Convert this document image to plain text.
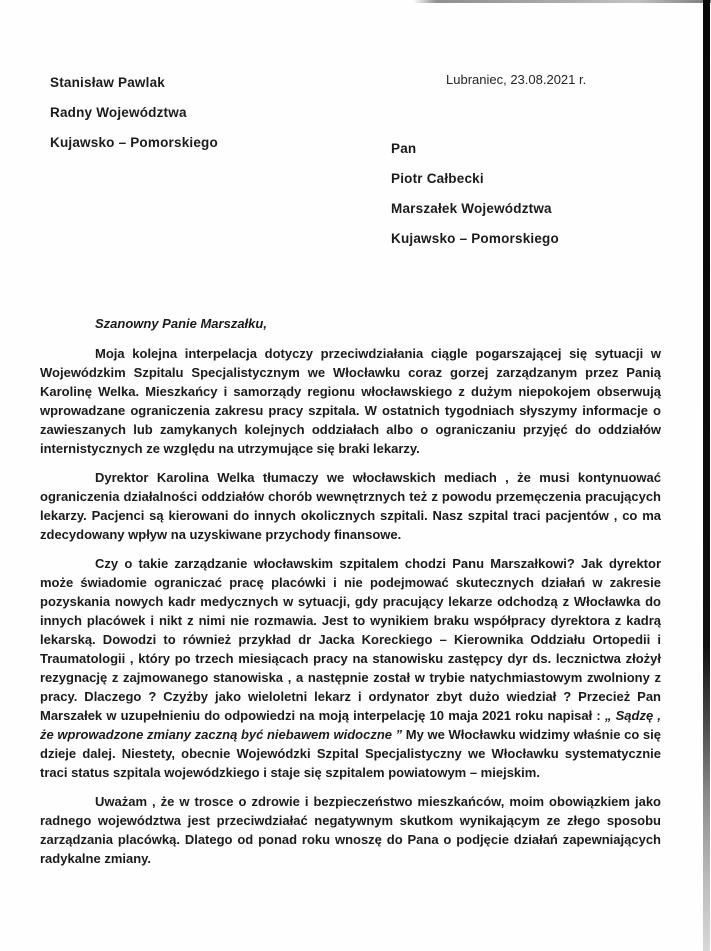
Stanisław Pawlak
Radny Województwa
Kujawsko – Pomorskiego
Lubraniec, 23.08.2021 r.
Pan
Piotr Całbecki
Marszałek Województwa
Kujawsko – Pomorskiego
Szanowny Panie Marszałku,

Moja kolejna interpelacja dotyczy przeciwdziałania ciągle pogarszającej się sytuacji w Wojewódzkim Szpitalu Specjalistycznym we Włocławku coraz gorzej zarządzanym przez Panią Karolinę Welka. Mieszkańcy i samorządy regionu włocławskiego z dużym niepokojem obserwują wprowadzane ograniczenia zakresu pracy szpitala. W ostatnich tygodniach słyszymy informacje o zawieszanych lub zamykanych kolejnych oddziałach albo o ograniczaniu przyjęć do oddziałów internistycznych ze względu na utrzymujące się braki lekarzy.

Dyrektor Karolina Welka tłumaczy we włocławskich mediach , że musi kontynuować ograniczenia działalności oddziałów chorób wewnętrznych też z powodu przemęczenia pracujących lekarzy. Pacjenci są kierowani do innych okolicznych szpitali. Nasz szpital traci pacjentów , co ma zdecydowany wpływ na uzyskiwane przychody finansowe.

Czy o takie zarządzanie włocławskim szpitalem chodzi Panu Marszałkowi? Jak dyrektor może świadomie ograniczać pracę placówki i nie podejmować skutecznych działań w zakresie pozyskania nowych kadr medycznych w sytuacji, gdy pracujący lekarze odchodzą z Włocławka do innych placówek i nikt z nimi nie rozmawia. Jest to wynikiem braku współpracy dyrektora z kadrą lekarską. Dowodzi to również przykład dr Jacka Koreckiego – Kierownika Oddziału Ortopedii i Traumatologii , który po trzech miesiącach pracy na stanowisku zastępcy dyr ds. lecznictwa złożył rezygnację z zajmowanego stanowiska , a następnie został w trybie natychmiastowym zwolniony z pracy. Dlaczego ? Czyżby jako wieloletni lekarz i ordynator zbyt dużo wiedział ? Przecież Pan Marszałek w uzupełnieniu do odpowiedzi na moją interpelację 10 maja 2021 roku napisał : „ Sądzę , że wprowadzone zmiany zaczną być niebawem widoczne ” My we Włocławku widzimy właśnie co się dzieje dalej. Niestety, obecnie Wojewódzki Szpital Specjalistyczny we Włocławku systematycznie traci status szpitala wojewódzkiego i staje się szpitalem powiatowym – miejskim.

Uważam , że w trosce o zdrowie i bezpieczeństwo mieszkańców, moim obowiązkiem jako radnego województwa jest przeciwdziałać negatywnym skutkom wynikającym ze złego sposobu zarządzania placówką. Dlatego od ponad roku wnoszę do Pana o podjęcie działań zapewniających radykalne zmiany.
